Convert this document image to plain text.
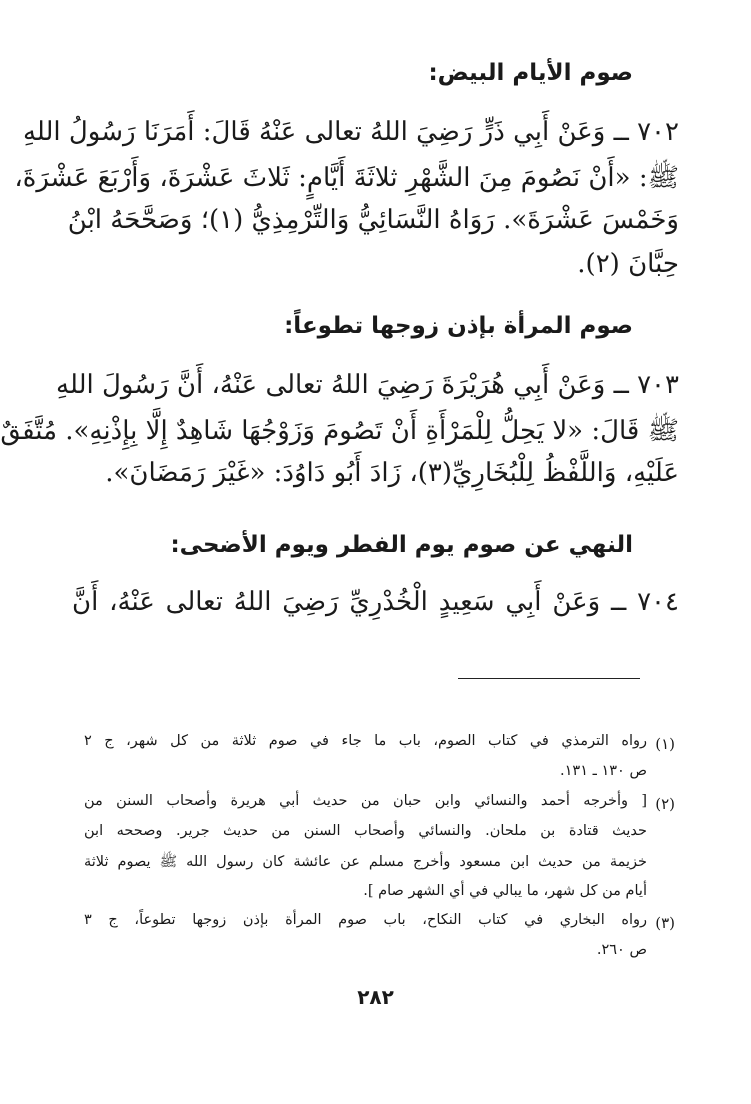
صوم الأيام البيض:
٧٠٢ ــ وَعَنْ أَبِي ذَرٍّ رَضِيَ اللهُ تعالى عَنْهُ قَالَ: أَمَرَنَا رَسُولُ اللهِ
ﷺ: «أَنْ نَصُومَ مِنَ الشَّهْرِ ثلاثَةَ أَيَّامٍ: ثَلاثَ عَشْرَةَ، وَأَرْبَعَ عَشْرَةَ،
وَخَمْسَ عَشْرَةَ». رَوَاهُ النَّسَائِيُّ وَالتِّرْمِذِيُّ (١)؛ وَصَحَّحَهُ ابْنُ
حِبَّانَ (٢).
صوم المرأة بإذن زوجها تطوعاً:
٧٠٣ ــ وَعَنْ أَبِي هُرَيْرَةَ رَضِيَ اللهُ تعالى عَنْهُ، أَنَّ رَسُولَ اللهِ
ﷺ قَالَ: «لا يَحِلُّ لِلْمَرْأَةِ أَنْ تَصُومَ وَزَوْجُهَا شَاهِدٌ إِلَّا بِإِذْنِهِ». مُتَّفَقٌ
عَلَيْهِ، وَاللَّفْظُ لِلْبُخَارِيِّ(٣)، زَادَ أَبُو دَاوُدَ: «غَيْرَ رَمَضَانَ».
النهي عن صوم يوم الفطر ويوم الأضحى:
٧٠٤ ــ وَعَنْ أَبِي سَعِيدٍ الْخُدْرِيِّ رَضِيَ اللهُ تعالى عَنْهُ، أَنَّ
(١)
رواه الترمذي في كتاب الصوم، باب ما جاء في صوم ثلاثة من كل شهر، ج ٢
ص ١٣٠ ـ ١٣١.
(٢)
[ وأخرجه أحمد والنسائي وابن حبان من حديث أبي هريرة وأصحاب السنن من
حديث قتادة بن ملحان. والنسائي وأصحاب السنن من حديث جرير. وصححه ابن
خزيمة من حديث ابن مسعود وأخرج مسلم عن عائشة كان رسول الله ﷺ يصوم ثلاثة
أيام من كل شهر، ما يبالي في أي الشهر صام ].
(٣)
رواه البخاري في كتاب النكاح، باب صوم المرأة بإذن زوجها تطوعاً، ج ٣
ص ٢٦٠.
٢٨٢
